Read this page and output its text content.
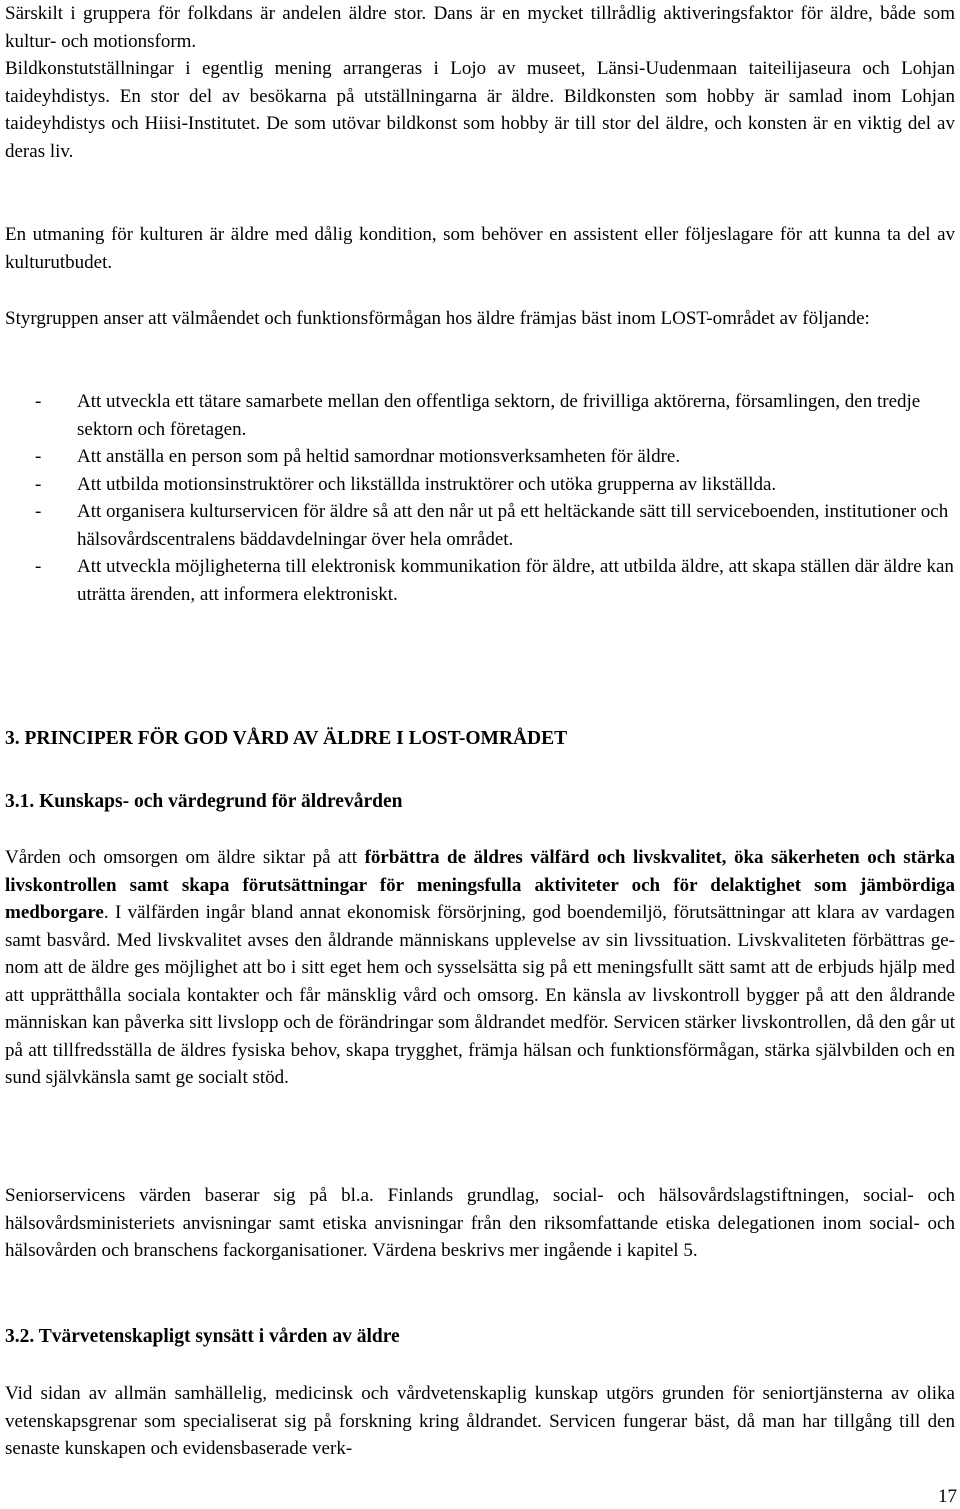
Särskilt i gruppera för folkdans är andelen äldre stor. Dans är en mycket tillrådlig aktiveringsfaktor för äldre, både som kultur- och motionsform.

Bildkonstutställningar i egentlig mening arrangeras i Lojo av museet, Länsi-Uudenmaan taiteilijaseura och Lohjan taideyhdistys. En stor del av besökarna på utställningarna är äldre. Bildkonsten som hobby är samlad inom Lohjan taideyhdistys och Hiisi-Institutet. De som utövar bildkonst som hobby är till stor del äldre, och konsten är en viktig del av deras liv.

En utmaning för kulturen är äldre med dålig kondition, som behöver en assistent eller följeslagare för att kunna ta del av kulturutbudet.

Styrgruppen anser att välmåendet och funktionsförmågan hos äldre främjas bäst inom LOST-området av följande:

- Att utveckla ett tätare samarbete mellan den offentliga sektorn, de frivilliga aktörerna, församlingen, den tredje sektorn och företagen.
- Att anställa en person som på heltid samordnar motionsverksamheten för äldre.
- Att utbilda motionsinstruktörer och likställda instruktörer och utöka grupperna av likställda.
- Att organisera kulturservicen för äldre så att den når ut på ett heltäckande sätt till serviceboenden, institutioner och hälsovårdscentralens bäddavdelningar över hela området.
- Att utveckla möjligheterna till elektronisk kommunikation för äldre, att utbilda äldre, att skapa ställen där äldre kan uträtta ärenden, att informera elektroniskt.
3. PRINCIPER FÖR GOD VÅRD AV ÄLDRE I LOST-OMRÅDET
3.1. Kunskaps- och värdegrund för äldrevården

Vården och omsorgen om äldre siktar på att förbättra de äldres välfärd och livskvalitet, öka säkerheten och stärka livskontrollen samt skapa förutsättningar för meningsfulla aktiviteter och för delaktighet som jämbördiga medborgare. I välfärden ingår bland annat ekonomisk försörjning, god boendemiljö, förutsättningar att klara av vardagen samt basvård. Med livskvalitet avses den åldrande människans upplevelse av sin livssituation. Livskvaliteten förbättras genom att de äldre ges möjlighet att bo i sitt eget hem och sysselsätta sig på ett meningsfullt sätt samt att de erbjuds hjälp med att upprätthålla sociala kontakter och får mänsklig vård och omsorg. En känsla av livskontroll bygger på att den åldrande människan kan påverka sitt livslopp och de förändringar som åldrandet medför. Servicen stärker livskontrollen, då den går ut på att tillfredsställa de äldres fysiska behov, skapa trygghet, främja hälsan och funktionsförmågan, stärka självbilden och en sund självkänsla samt ge socialt stöd.

Seniorservicens värden baserar sig på bl.a. Finlands grundlag, social- och hälsovårdslagstiftningen, social- och hälsovårdsministeriets anvisningar samt etiska anvisningar från den riksomfattande etiska delegationen inom social- och hälsovården och branschens fackorganisationer. Värdena beskrivs mer ingående i kapitel 5.

3.2. Tvärvetenskapligt synsätt i vården av äldre

Vid sidan av allmän samhällelig, medicinsk och vårdvetenskaplig kunskap utgörs grunden för seniortjänsterna av olika vetenskapsgrenar som specialiserat sig på forskning kring åldrandet. Servicen fungerar bäst, då man har tillgång till den senaste kunskapen och evidensbaserade verk-

17
